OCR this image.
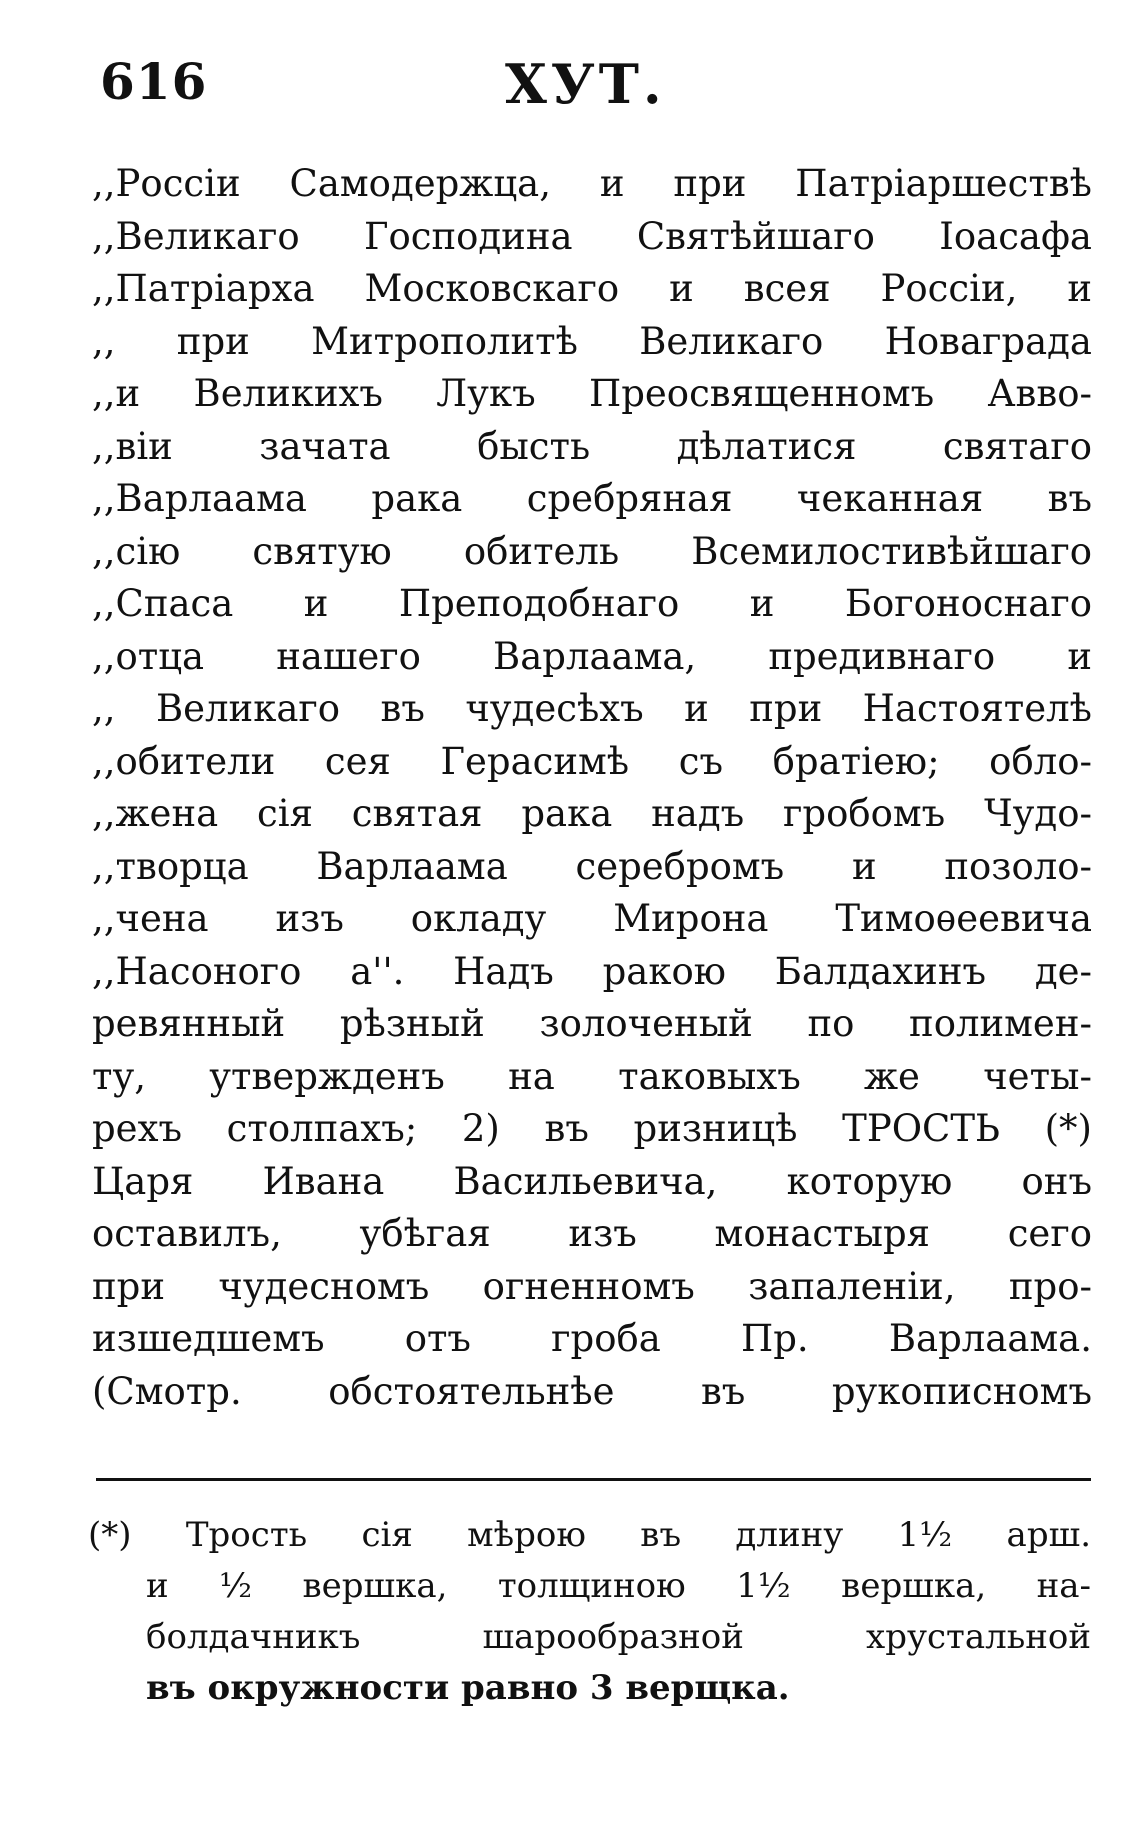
616	ХУТ.
,,Россіи Самодержца, и при Патріаршествѣ
,,Великаго Господина Святѣйшаго Іоасафа
,,Патріарха Московскаго и всея Россіи, и
,, при Митрополитѣ Великаго Новаграда
,,и Великихъ Лукъ Преосвященномъ Авво-
,,віи зачата бысть дѣлатися святаго
,,Варлаама рака сребряная чеканная въ
,,сію святую обитель Всемилостивѣйшаго
,,Спаса и Преподобнаго и Богоноснаго
,,отца нашего Варлаама, предивнаго и
,, Великаго въ чудесѣхъ и при Настоятелѣ
,,обители сея Герасимѣ съ братіею; обло-
,,жена сія святая рака надъ гробомъ Чудо-
,,творца Варлаама серебромъ и позоло-
,,чена изъ окладу Мирона Тимоѳеевича
,,Насоного а''. Надъ ракою Балдахинъ де-
ревянный рѣзный золоченый по полимен-
ту, утвержденъ на таковыхъ же четы-
рехъ столпахъ; 2) въ ризницѣ ТРОСТЬ (*)
Царя Ивана Васильевича, которую онъ
оставилъ, убѣгая изъ монастыря сего
при чудесномъ огненномъ запаленіи, про-
изшедшемъ отъ гроба Пр. Варлаама.
(Смотр. обстоятельнѣе въ рукописномъ
(*) Трость сія мѣрою въ длину 1½ арш.
и ½ вершка, толщиною 1½ вершка, на-
болдачникъ шарообразной хрустальной
въ окружности равно 3 верщка.
